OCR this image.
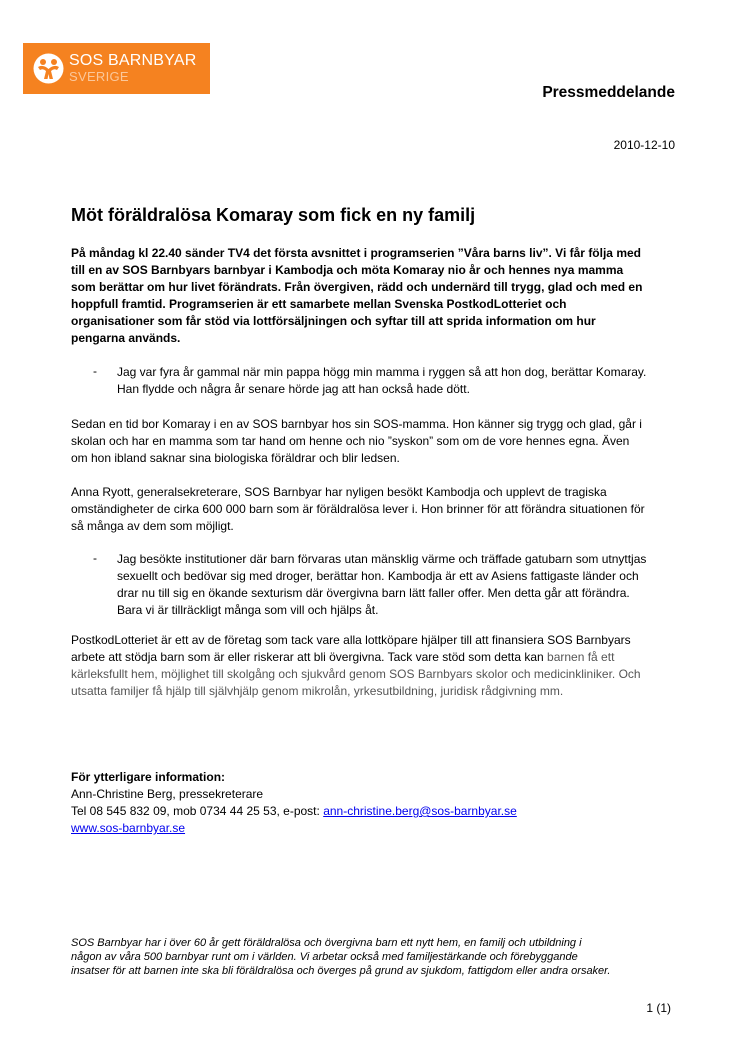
SOS BARNBYAR
SVERIGE
Pressmeddelande
2010-12-10
Möt föräldralösa Komaray som fick en ny familj
På måndag kl 22.40 sänder TV4 det första avsnittet i programserien ”Våra barns liv”. Vi får följa med
till en av SOS Barnbyars barnbyar i Kambodja och möta Komaray nio år och hennes nya mamma
som berättar om hur livet förändrats. Från övergiven, rädd och undernärd till trygg, glad och med en
hoppfull framtid. Programserien är ett samarbete mellan Svenska PostkodLotteriet och
organisationer som får stöd via lottförsäljningen och syftar till att sprida information om hur
pengarna används.
- Jag var fyra år gammal när min pappa högg min mamma i ryggen så att hon dog, berättar Komaray.
Han flydde och några år senare hörde jag att han också hade dött.
Sedan en tid bor Komaray i en av SOS barnbyar hos sin SOS-mamma. Hon känner sig trygg och glad, går i
skolan och har en mamma som tar hand om henne och nio ”syskon” som om de vore hennes egna. Även
om hon ibland saknar sina biologiska föräldrar och blir ledsen.
Anna Ryott, generalsekreterare, SOS Barnbyar har nyligen besökt Kambodja och upplevt de tragiska
omständigheter de cirka 600 000 barn som är föräldralösa lever i. Hon brinner för att förändra situationen för
så många av dem som möjligt.
- Jag besökte institutioner där barn förvaras utan mänsklig värme och träffade gatubarn som utnyttjas
sexuellt och bedövar sig med droger, berättar hon. Kambodja är ett av Asiens fattigaste länder och
drar nu till sig en ökande sexturism där övergivna barn lätt faller offer. Men detta går att förändra.
Bara vi är tillräckligt många som vill och hjälps åt.
PostkodLotteriet är ett av de företag som tack vare alla lottköpare hjälper till att finansiera SOS Barnbyars
arbete att stödja barn som är eller riskerar att bli övergivna. Tack vare stöd som detta kan barnen få ett
kärleksfullt hem, möjlighet till skolgång och sjukvård genom SOS Barnbyars skolor och medicinkliniker. Och
utsatta familjer få hjälp till självhjälp genom mikrolån, yrkesutbildning, juridisk rådgivning mm.
För ytterligare information:
Ann-Christine Berg, pressekreterare
Tel 08 545 832 09, mob 0734 44 25 53, e-post: ann-christine.berg@sos-barnbyar.se
www.sos-barnbyar.se
SOS Barnbyar har i över 60 år gett föräldralösa och övergivna barn ett nytt hem, en familj och utbildning i
någon av våra 500 barnbyar runt om i världen. Vi arbetar också med familjestärkande och förebyggande
insatser för att barnen inte ska bli föräldralösa och överges på grund av sjukdom, fattigdom eller andra orsaker.
1 (1)
